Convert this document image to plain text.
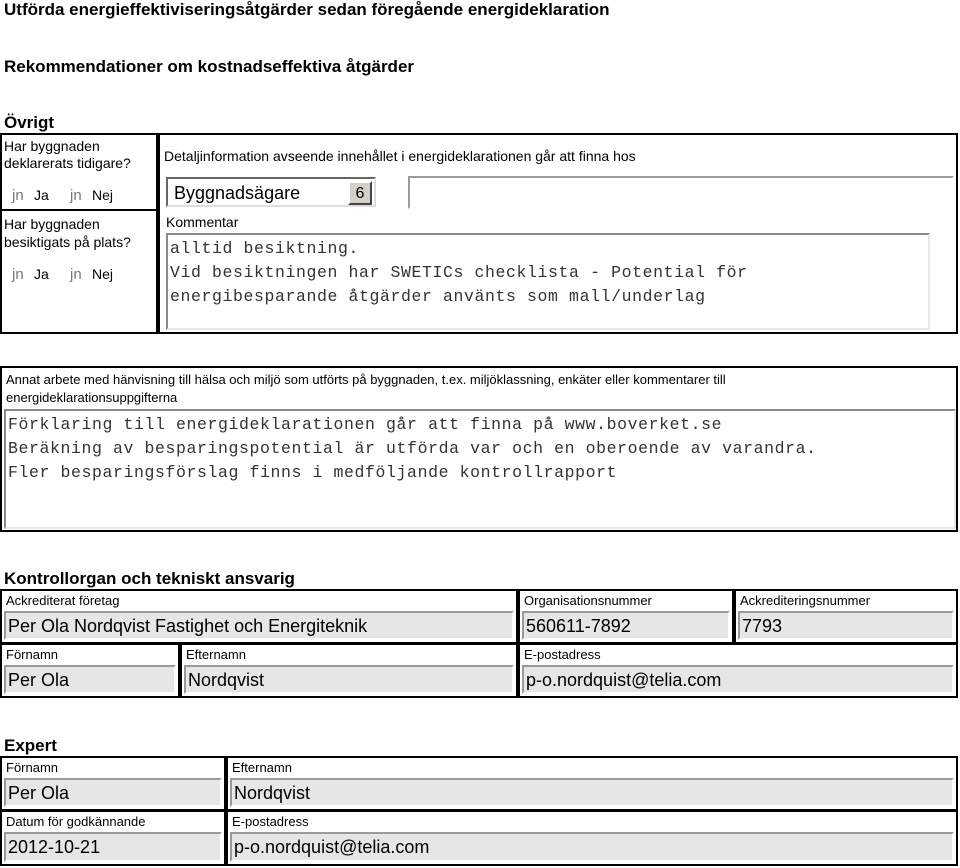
Utförda energieffektiviseringsåtgärder sedan föregående energideklaration
Rekommendationer om kostnadseffektiva åtgärder
Övrigt
Har byggnaden
deklarerats tidigare?
jn Ja jn Nej
Har byggnaden
besiktigats på plats?
jn Ja jn Nej
Detaljinformation avseende innehållet i energideklarationen går att finna hos
Byggnadsägare	6
Kommentar
alltid besiktning.
Vid besiktningen har SWETICs checklista - Potential för
energibesparande åtgärder använts som mall/underlag
Annat arbete med hänvisning till hälsa och miljö som utförts på byggnaden, t.ex. miljöklassning, enkäter eller kommentarer till
energideklarationsuppgifterna
Förklaring till energideklarationen går att finna på www.boverket.se
Beräkning av besparingspotential är utförda var och en oberoende av varandra.
Fler besparingsförslag finns i medföljande kontrollrapport
Kontrollorgan och tekniskt ansvarig
Ackrediterat företag
Per Ola Nordqvist Fastighet och Energiteknik
Organisationsnummer
560611-7892
Ackrediteringsnummer
7793
Förnamn
Per Ola
Efternamn
Nordqvist
E-postadress
p-o.nordquist@telia.com
Expert
Förnamn
Per Ola
Efternamn
Nordqvist
Datum för godkännande
2012-10-21
E-postadress
p-o.nordquist@telia.com
